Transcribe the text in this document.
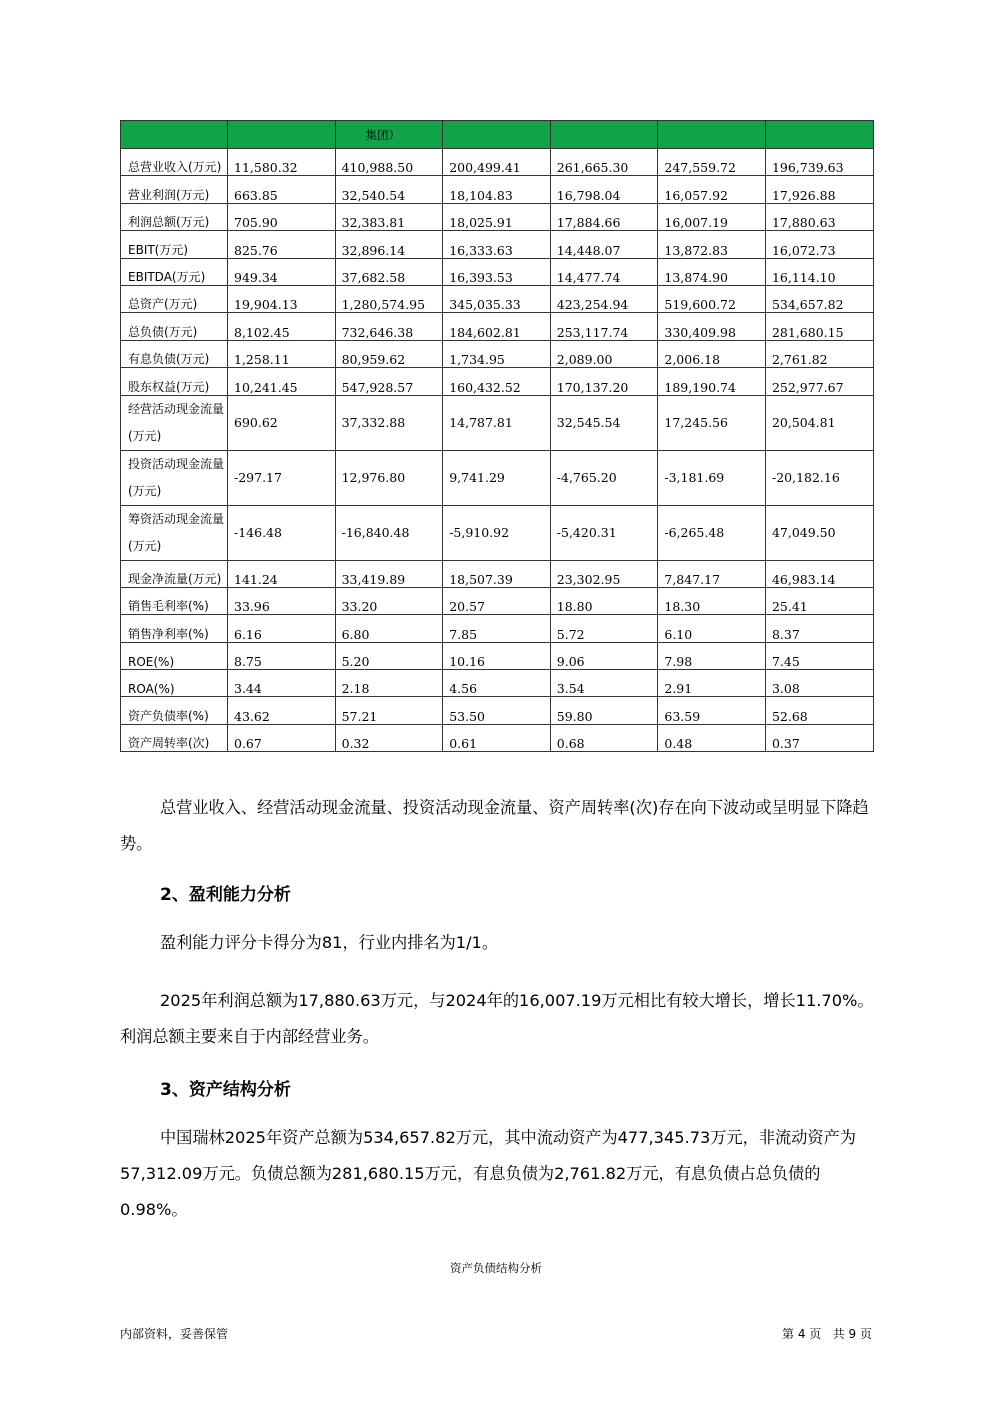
		集团）				
总营业收入(万元)	11,580.32	410,988.50	200,499.41	261,665.30	247,559.72	196,739.63
营业利润(万元)	663.85	32,540.54	18,104.83	16,798.04	16,057.92	17,926.88
利润总额(万元)	705.90	32,383.81	18,025.91	17,884.66	16,007.19	17,880.63
EBIT(万元)	825.76	32,896.14	16,333.63	14,448.07	13,872.83	16,072.73
EBITDA(万元)	949.34	37,682.58	16,393.53	14,477.74	13,874.90	16,114.10
总资产(万元)	19,904.13	1,280,574.95	345,035.33	423,254.94	519,600.72	534,657.82
总负债(万元)	8,102.45	732,646.38	184,602.81	253,117.74	330,409.98	281,680.15
有息负债(万元)	1,258.11	80,959.62	1,734.95	2,089.00	2,006.18	2,761.82
股东权益(万元)	10,241.45	547,928.57	160,432.52	170,137.20	189,190.74	252,977.67
经营活动现金流量(万元)	690.62	37,332.88	14,787.81	32,545.54	17,245.56	20,504.81
投资活动现金流量(万元)	-297.17	12,976.80	9,741.29	-4,765.20	-3,181.69	-20,182.16
筹资活动现金流量(万元)	-146.48	-16,840.48	-5,910.92	-5,420.31	-6,265.48	47,049.50
现金净流量(万元)	141.24	33,419.89	18,507.39	23,302.95	7,847.17	46,983.14
销售毛利率(%)	33.96	33.20	20.57	18.80	18.30	25.41
销售净利率(%)	6.16	6.80	7.85	5.72	6.10	8.37
ROE(%)	8.75	5.20	10.16	9.06	7.98	7.45
ROA(%)	3.44	2.18	4.56	3.54	2.91	3.08
资产负债率(%)	43.62	57.21	53.50	59.80	63.59	52.68
资产周转率(次)	0.67	0.32	0.61	0.68	0.48	0.37

总营业收入、经营活动现金流量、投资活动现金流量、资产周转率(次)存在向下波动或呈明显下降趋势。

2、盈利能力分析

盈利能力评分卡得分为81，行业内排名为1/1。

2025年利润总额为17,880.63万元，与2024年的16,007.19万元相比有较大增长，增长11.70%。利润总额主要来自于内部经营业务。

3、资产结构分析

中国瑞林2025年资产总额为534,657.82万元，其中流动资产为477,345.73万元，非流动资产为57,312.09万元。负债总额为281,680.15万元，有息负债为2,761.82万元，有息负债占总负债的0.98%。

资产负债结构分析
内部资料，妥善保管	第 4 页   共 9 页
